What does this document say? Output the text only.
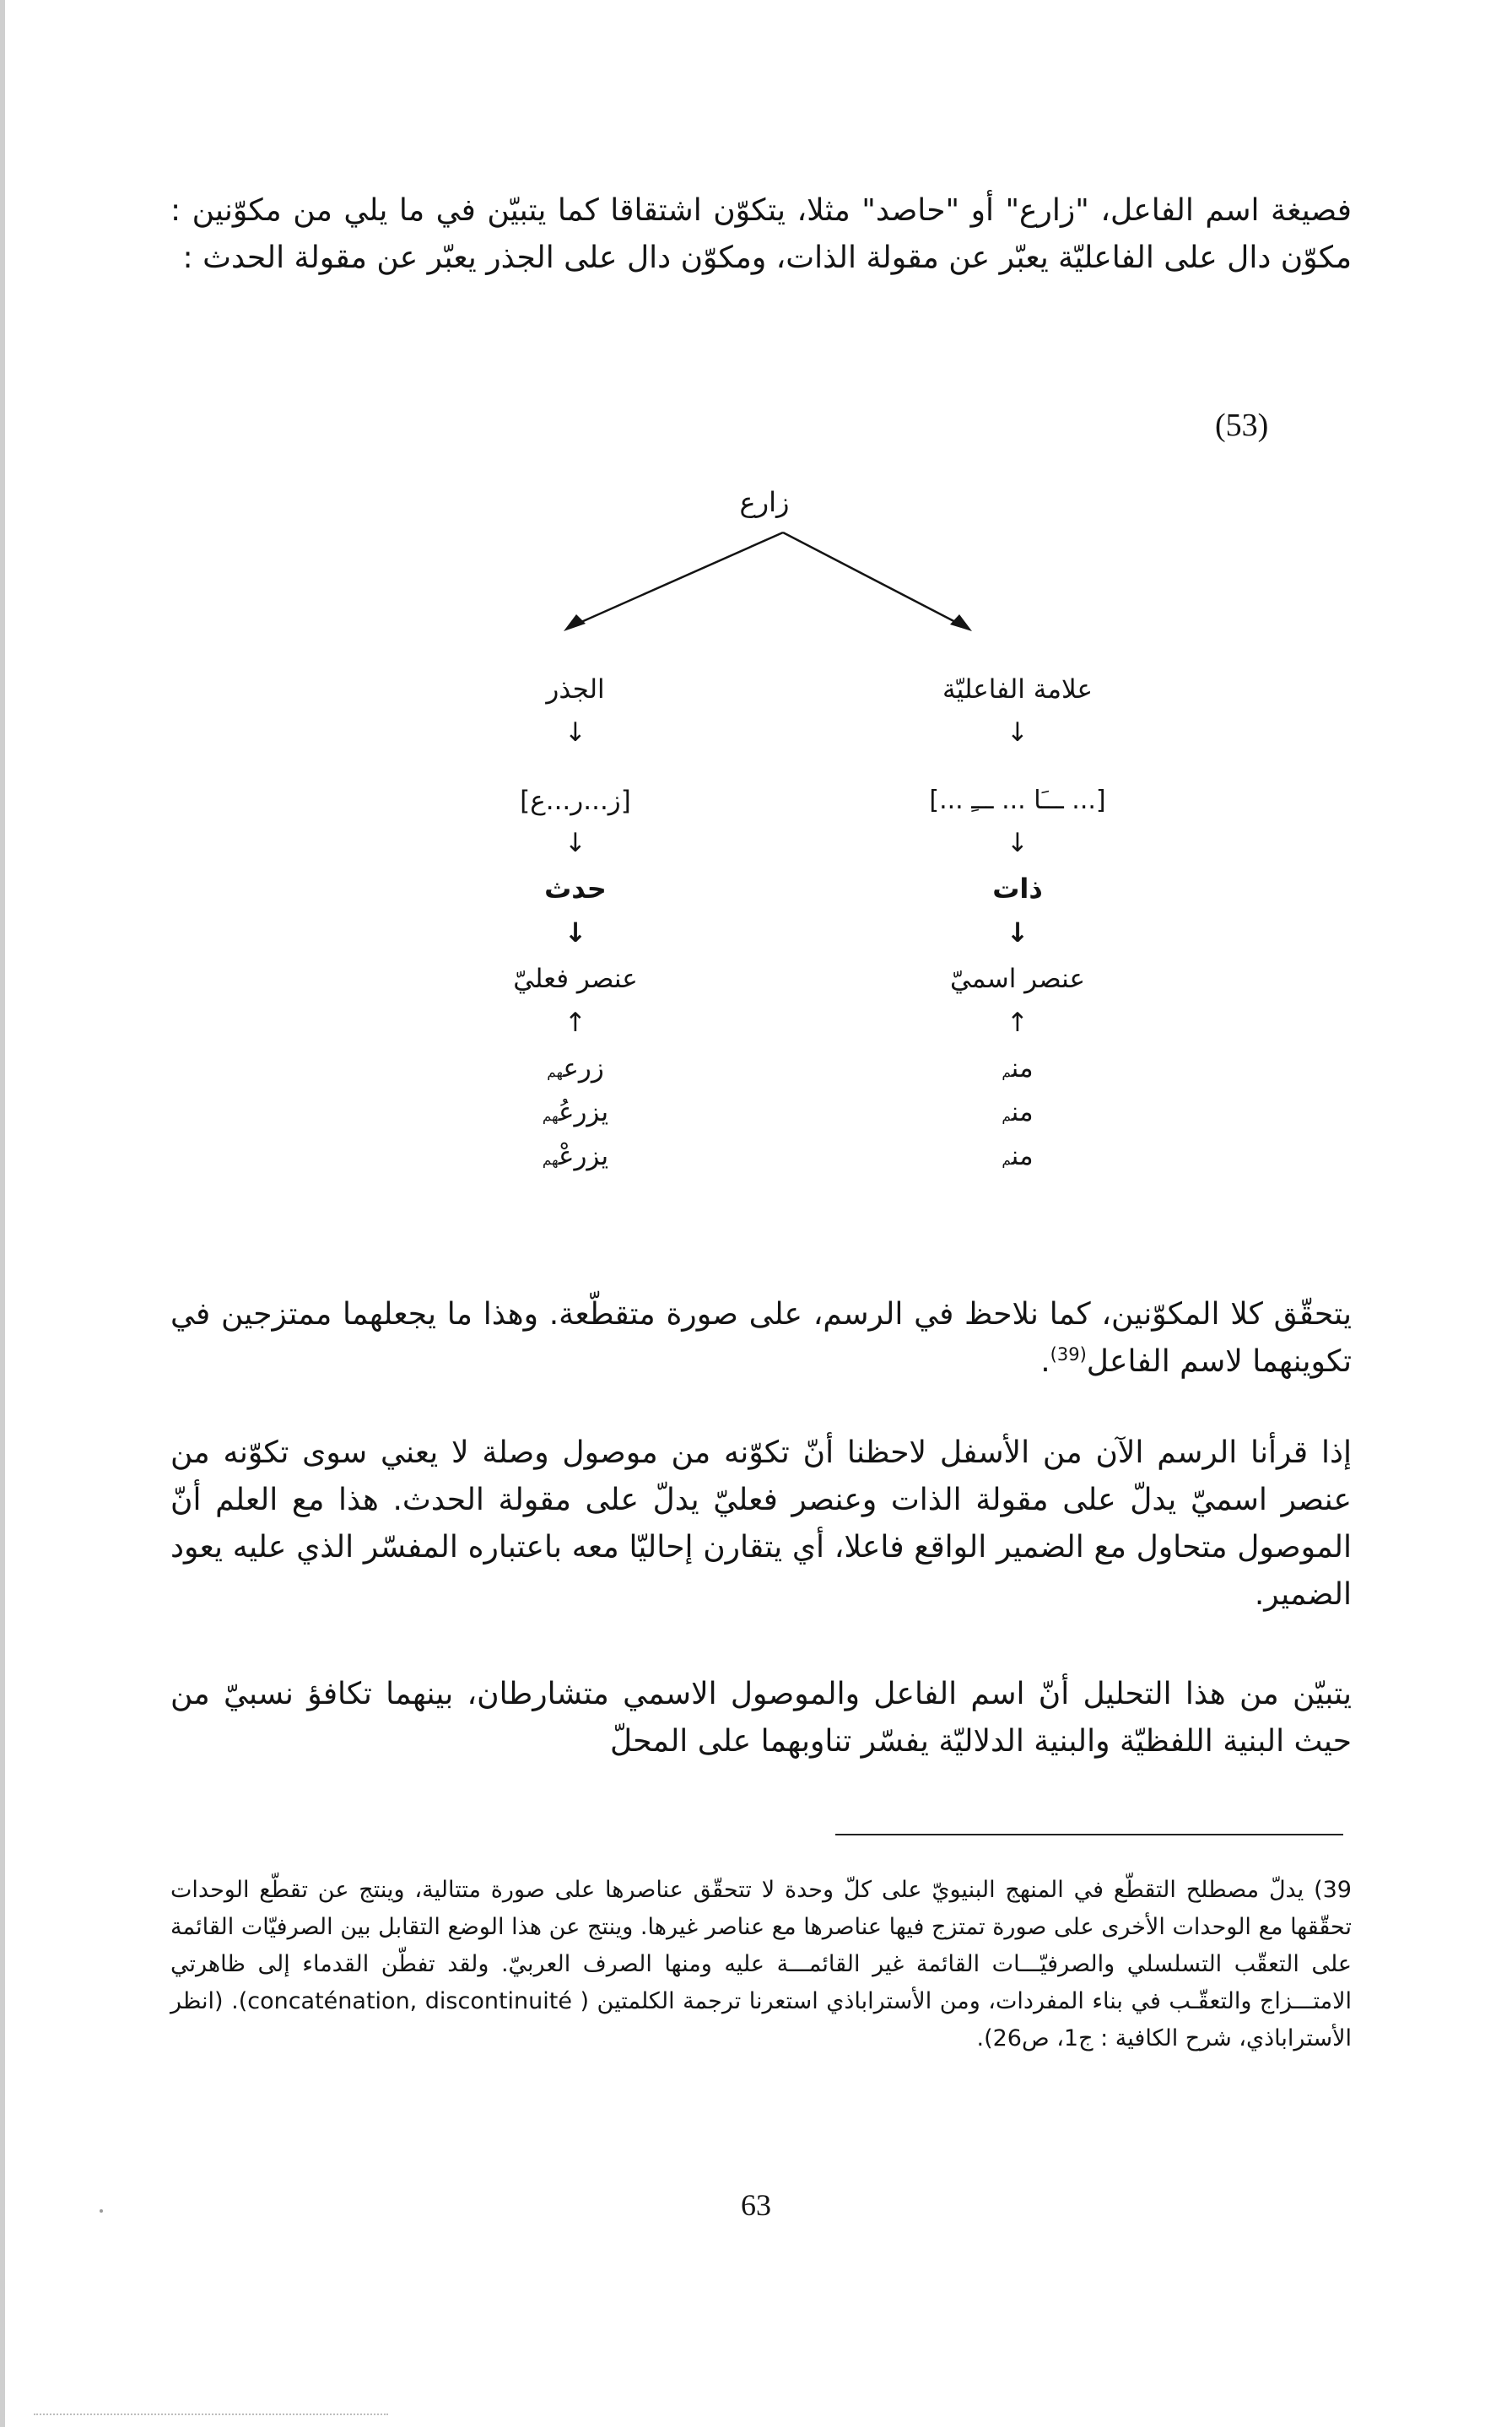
فصيغة اسم الفاعل، "زارع" أو "حاصد" مثلا، يتكوّن اشتقاقا كما يتبيّن في ما يلي من مكوّنين : مكوّن دال على الفاعليّة يعبّر عن مقولة الذات، ومكوّن دال على الجذر يعبّر عن مقولة الحدث :

(53)
زارع
علامة الفاعليّة
↓
[... ـــَا ... ـــِ ...]
↓
ذات
↓
عنصر اسميّ
↑
منم
منم
منم
الجذر
↓
[ز...ر...ع]
↓
حدث
↓
عنصر فعليّ
↑
زرعهم
يزرعُهم
يزرعْهم

يتحقّق كلا المكوّنين، كما نلاحظ في الرسم، على صورة متقطّعة. وهذا ما يجعلهما ممتزجين في تكوينهما لاسم الفاعل$^{(39)}$.

إذا قرأنا الرسم الآن من الأسفل لاحظنا أنّ تكوّنه من موصول وصلة لا يعني سوى تكوّنه من عنصر اسميّ يدلّ على مقولة الذات وعنصر فعليّ يدلّ على مقولة الحدث. هذا مع العلم أنّ الموصول متحاول مع الضمير الواقع فاعلا، أي يتقارن إحاليّا معه باعتباره المفسّر الذي عليه يعود الضمير.

يتبيّن من هذا التحليل أنّ اسم الفاعل والموصول الاسمي متشارطان، بينهما تكافؤ نسبيّ من حيث البنية اللفظيّة والبنية الدلاليّة يفسّر تناوبهما على المحلّ

39) يدلّ مصطلح التقطّع في المنهج البنيويّ على كلّ وحدة لا تتحقّق عناصرها على صورة متتالية، وينتج عن تقطّع الوحدات تحقّقها مع الوحدات الأخرى على صورة تمتزج فيها عناصرها مع عناصر غيرها. وينتج عن هذا الوضع التقابل بين الصرفيّات القائمة على التعقّب التسلسلي والصرفيّـــات القائمة غير القائمـــة عليه ومنها الصرف العربيّ. ولقد تفطّن القدماء إلى ظاهرتي الامتـــزاج والتعقّـب في بناء المفردات، ومن الأستراباذي استعرنا ترجمة الكلمتين ( concaténation, discontinuité). (انظر الأستراباذي، شرح الكافية : ج1، ص26).

63
